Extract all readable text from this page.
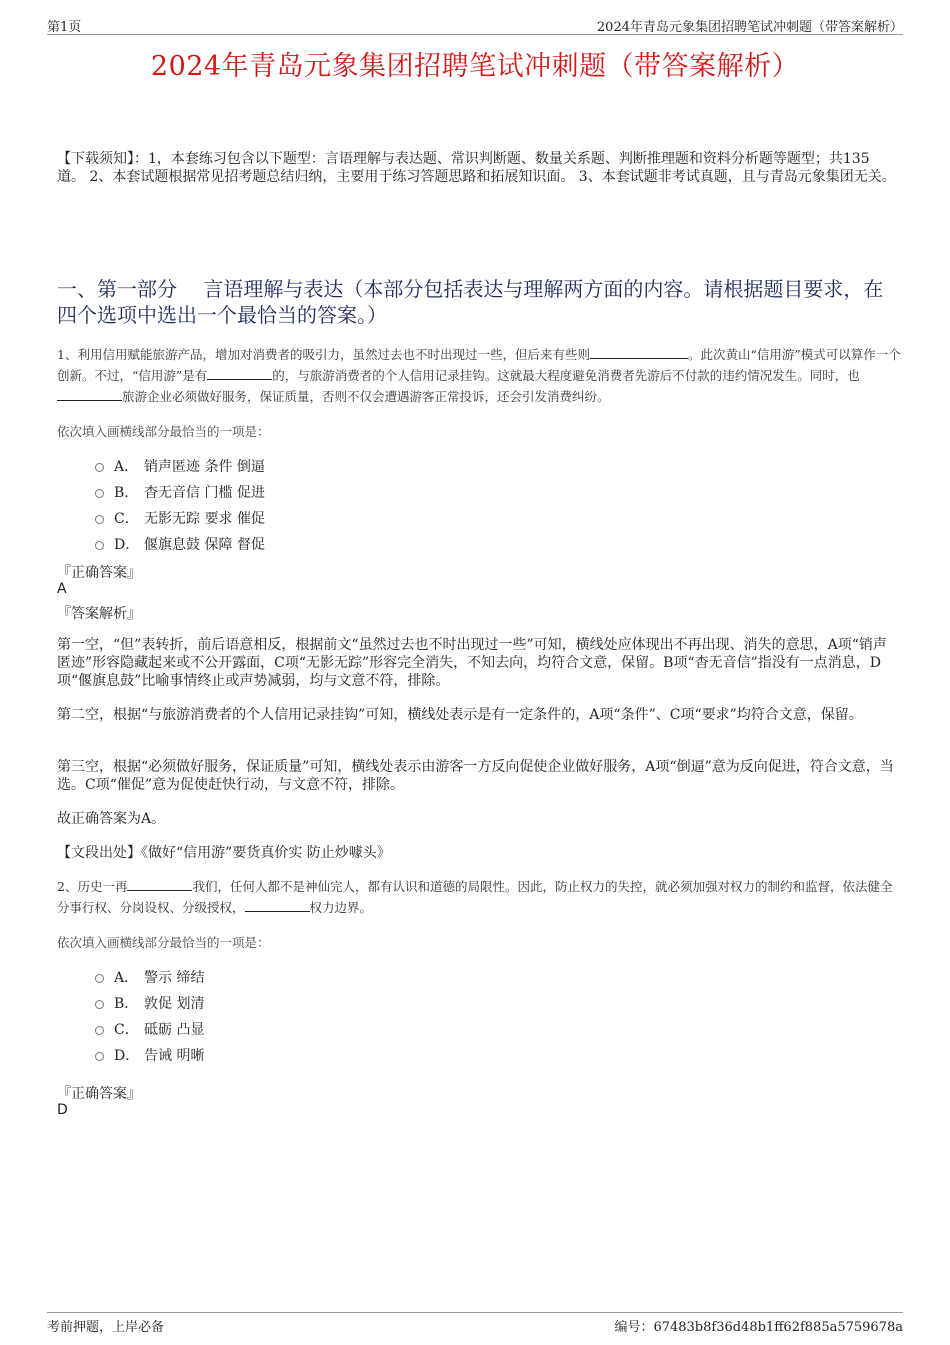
第1页	2024年青岛元象集团招聘笔试冲刺题（带答案解析）
2024年青岛元象集团招聘笔试冲刺题（带答案解析）
【下载须知】：1，本套练习包含以下题型：言语理解与表达题、常识判断题、数量关系题、判断推理题和资料分析题等题型；共135道。 2、本套试题根据常见招考题总结归纳，主要用于练习答题思路和拓展知识面。 3、本套试题非考试真题，且与青岛元象集团无关。
一、第一部分　 言语理解与表达（本部分包括表达与理解两方面的内容。请根据题目要求，在四个选项中选出一个最恰当的答案。）
1、利用信用赋能旅游产品，增加对消费者的吸引力，虽然过去也不时出现过一些，但后来有些则	。此次黄山“信用游”模式可以算作一个创新。不过，“信用游”是有	的，与旅游消费者的个人信用记录挂钩。这就最大程度避免消费者先游后不付款的违约情况发生。同时，也旅游企业必须做好服务，保证质量，否则不仅会遭遇游客正常投诉，还会引发消费纠纷。
依次填入画横线部分最恰当的一项是：
A． 销声匿迹 条件 倒逼
B． 杳无音信 门槛 促进
C． 无影无踪 要求 催促
D． 偃旗息鼓 保障 督促
『正确答案』
A
『答案解析』
第一空，“但”表转折，前后语意相反，根据前文“虽然过去也不时出现过一些”可知，横线处应体现出不再出现、消失的意思，A项“销声匿迹”形容隐藏起来或不公开露面，C项“无影无踪”形容完全消失，不知去向，均符合文意，保留。B项“杳无音信”指没有一点消息，D项“偃旗息鼓”比喻事情终止或声势减弱，均与文意不符，排除。
第二空，根据“与旅游消费者的个人信用记录挂钩”可知，横线处表示是有一定条件的，A项“条件”、C项“要求”均符合文意，保留。
第三空，根据“必须做好服务，保证质量”可知，横线处表示由游客一方反向促使企业做好服务，A项“倒逼”意为反向促进，符合文意，当选。C项“催促”意为促使赶快行动，与文意不符，排除。
故正确答案为A。
【文段出处】《做好“信用游”要货真价实 防止炒噱头》
2、历史一再	我们，任何人都不是神仙完人，都有认识和道德的局限性。因此，防止权力的失控，就必须加强对权力的制约和监督，依法健全分事行权、分岗设权、分级授权，	权力边界。
依次填入画横线部分最恰当的一项是：
A． 警示 缔结
B． 敦促 划清
C． 砥砺 凸显
D． 告诫 明晰
『正确答案』
D
考前押题，上岸必备	编号：67483b8f36d48b1ff62f885a5759678a
